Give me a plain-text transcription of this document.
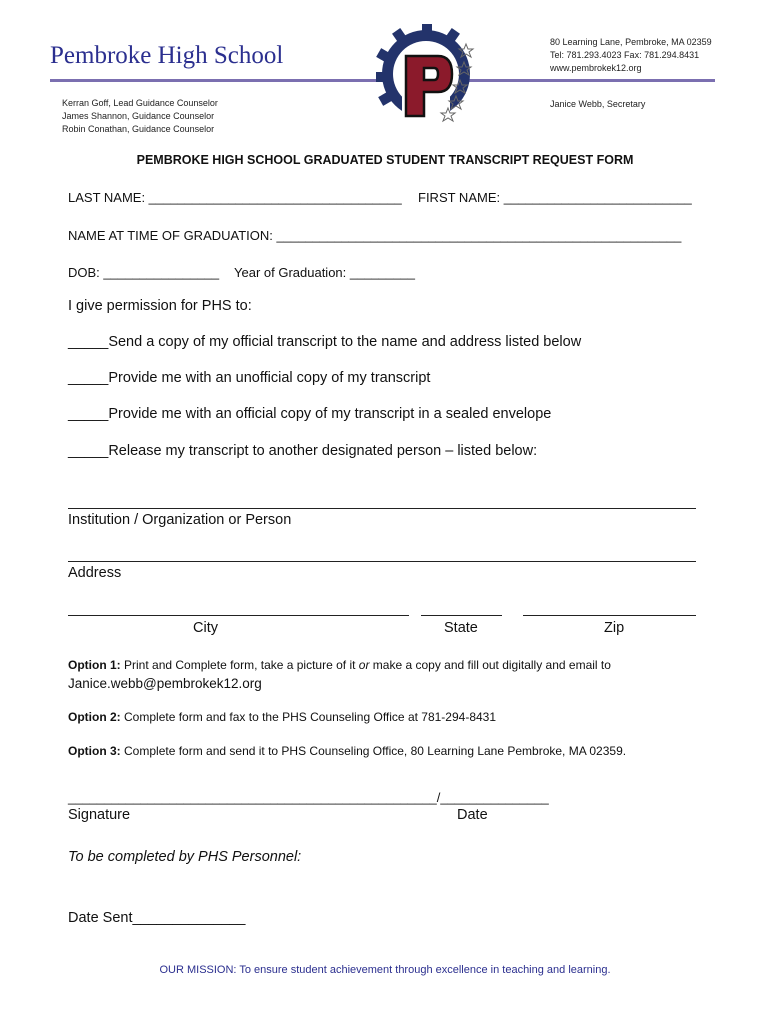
Pembroke High School
Kerran Goff, Lead Guidance Counselor
James Shannon, Guidance Counselor
Robin Conathan, Guidance Counselor
80 Learning Lane, Pembroke, MA 02359
Tel: 781.293.4023 Fax: 781.294.8431
www.pembrokek12.org
Janice Webb, Secretary
P
PEMBROKE HIGH SCHOOL GRADUATED STUDENT TRANSCRIPT REQUEST FORM
LAST NAME: ___________________________________ FIRST NAME: __________________________
NAME AT TIME OF GRADUATION: ________________________________________________________
DOB: ________________ Year of Graduation: _________
I give permission for PHS to:
_____Send a copy of my official transcript to the name and address listed below
_____Provide me with an unofficial copy of my transcript
_____Provide me with an official copy of my transcript in a sealed envelope
_____Release my transcript to another designated person – listed below:
Institution / Organization or Person
Address
City	State	Zip
Option 1: Print and Complete form, take a picture of it or make a copy and fill out digitally and email to
Janice.webb@pembrokek12.org
Option 2: Complete form and fax to the PHS Counseling Office at 781-294-8431
Option 3: Complete form and send it to PHS Counseling Office, 80 Learning Lane Pembroke, MA 02359.
___________________________________________________/_______________
Signature	Date
To be completed by PHS Personnel:
Date Sent______________
OUR MISSION: To ensure student achievement through excellence in teaching and learning.
